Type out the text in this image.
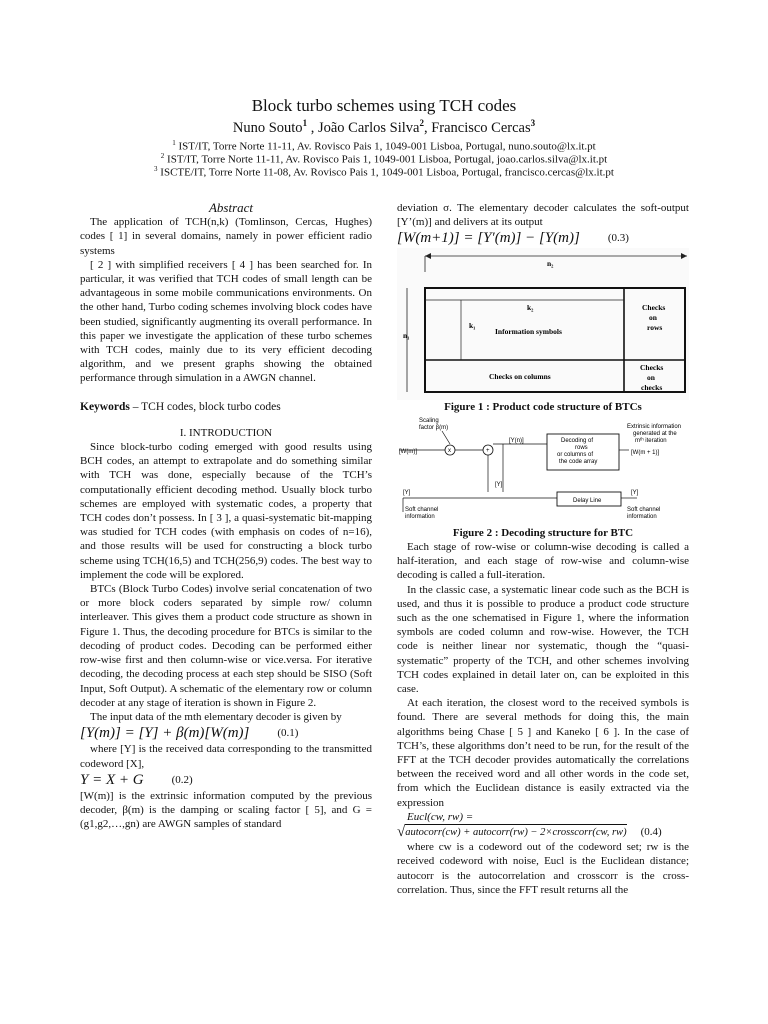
Block turbo schemes using TCH codes
Nuno Souto$^1$ , João Carlos Silva$^2$, Francisco Cercas$^3$
$^1$ IST/IT, Torre Norte 11-11, Av. Rovisco Pais 1, 1049-001 Lisboa, Portugal, nuno.souto@lx.it.pt
$^2$ IST/IT, Torre Norte 11-11, Av. Rovisco Pais 1, 1049-001 Lisboa, Portugal, joao.carlos.silva@lx.it.pt
$^3$ ISCTE/IT, Torre Norte 11-08, Av. Rovisco Pais 1, 1049-001 Lisboa, Portugal, francisco.cercas@lx.it.pt

Abstract

The application of TCH(n,k) (Tomlinson, Cercas, Hughes) codes [ 1] in several domains, namely in power efficient radio systems

[ 2 ] with simplified receivers [ 4 ] has been searched for. In particular, it was verified that TCH codes of small length can be advantageous in some mobile communications environments. On the other hand, Turbo coding schemes involving block codes have been studied, significantly augmenting its overall performance. In this paper we investigate the application of these turbo schemes with TCH codes, mainly due to its very efficient decoding algorithm, and we present graphs showing the obtained performance through simulation in a AWGN channel.

Keywords – TCH codes, block turbo codes

I. INTRODUCTION

Since block-turbo coding emerged with good results using BCH codes, an attempt to extrapolate and do something similar with TCH was done, especially because of the TCH’s computationally efficient decoding method. Usually block turbo schemes are employed with systematic codes, a property that TCH codes don’t possess. In [ 3 ], a quasi-systematic bit-mapping was studied for TCH codes (with emphasis on codes of n=16), and those results will be used for constructing a block turbo scheme using TCH(16,5) and TCH(256,9) codes. The best way to implement the code will be explored.

BTCs (Block Turbo Codes) involve serial concatenation of two or more block coders separated by simple row/ column interleaver. This gives them a product code structure as shown in Figure 1. Thus, the decoding procedure for BTCs is similar to the decoding of product codes. Decoding can be performed either row-wise first and then column-wise or vice.versa. For iterative decoding, the decoding process at each step should be SISO (Soft Input, Soft Output). A schematic of the elementary row or column decoder at any stage of iteration is shown in Figure 2.

The input data of the mth elementary decoder is given by

[Y(m)] = [Y] + β(m)[W(m)]	(0.1)

where [Y] is the received data corresponding to the transmitted codeword [X],

Y = X + G	(0.2)

[W(m)] is the extrinsic information computed by the previous decoder, β(m) is the damping or scaling factor [ 5], and G = (g1,g2,…,gn) are AWGN samples of standard

deviation σ. The elementary decoder calculates the soft-output [Y’(m)] and delivers at its output

[W(m+1)] = [Y′(m)] − [Y(m)]	(0.3)
n₂
n₁
k₂
k₁
Information symbols
Checks
on
rows
Checks on columns
Checks
on
checks

Figure 1 : Product code structure of BTCs

Scaling
factor β(m)
[W(m)]	x	+
[Y(n)]	Decoding of
rows
or columns of
the code array
Extrinsic information
generated at the
mᵗʰ iteration
[W(m + 1)]
[Y]
[Y]
Soft channel
information
Delay Line
[Y]
Soft channel
information

Figure 2 : Decoding structure for BTC

Each stage of row-wise or column-wise decoding is called a half-iteration, and each stage of row-wise and column-wise decoding is called a full-iteration.

In the classic case, a systematic linear code such as the BCH is used, and thus it is possible to produce a product code structure such as the one schematised in Figure 1, where the information symbols are coded column and row-wise. However, the TCH code is neither linear nor systematic, though the “quasi-systematic” property of the TCH, and other schemes involving TCH codes explained in detail later on, can be exploited in this case.

At each iteration, the closest word to the received symbols is found. There are several methods for doing this, the main algorithms being Chase [ 5 ] and Kaneko [ 6 ]. In the case of TCH’s, these algorithms don’t need to be run, for the result of the FFT at the TCH decoder provides automatically the correlations between the received word and all other words in the code set, from which the Euclidean distance is easily extracted via the expression

Eucl(cw, rw) =
√ autocorr(cw) + autocorr(rw) − 2×crosscorr(cw, rw) (0.4)

where cw is a codeword out of the codeword set; rw is the received codeword with noise, Eucl is the Euclidean distance; autocorr is the autocorrelation and crosscorr is the cross-correlation. Thus, since the FFT result returns all the
